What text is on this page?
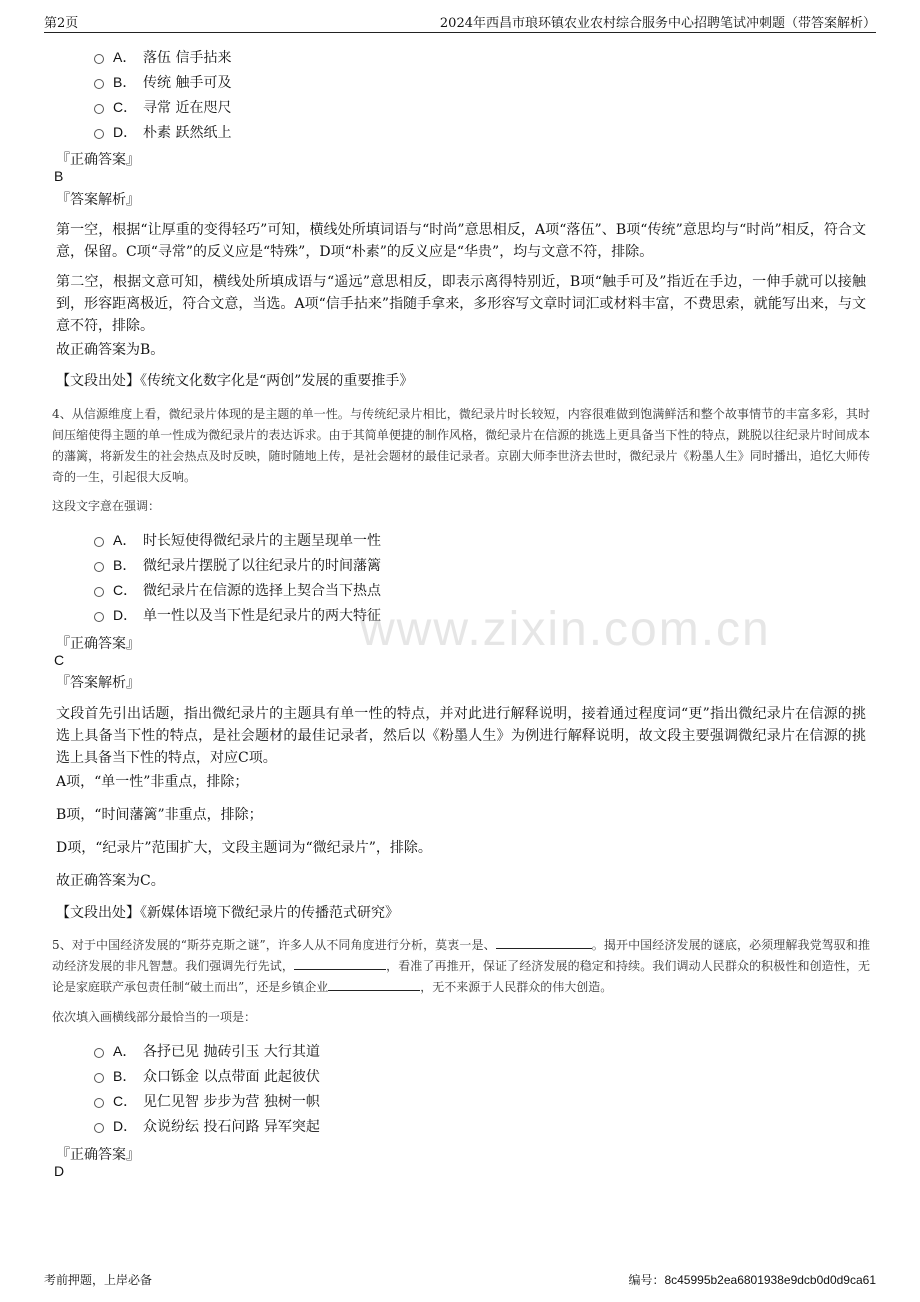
第2页	2024年西昌市琅环镇农业农村综合服务中心招聘笔试冲刺题（带答案解析）
www.zixin.com.cn
A． 落伍 信手拈来
B． 传统 触手可及
C． 寻常 近在咫尺
D． 朴素 跃然纸上
『正确答案』
B
『答案解析』
第一空，根据“让厚重的变得轻巧”可知，横线处所填词语与“时尚”意思相反，A项“落伍”、B项“传统”意思均与“时尚”相反，符合文意，保留。C项“寻常”的反义应是“特殊”，D项“朴素”的反义应是“华贵”，均与文意不符，排除。
第二空，根据文意可知，横线处所填成语与“遥远”意思相反，即表示离得特别近，B项“触手可及”指近在手边，一伸手就可以接触到，形容距离极近，符合文意，当选。A项“信手拈来”指随手拿来，多形容写文章时词汇或材料丰富，不费思索，就能写出来，与文意不符，排除。
故正确答案为B。
【文段出处】《传统文化数字化是“两创”发展的重要推手》
4、从信源维度上看，微纪录片体现的是主题的单一性。与传统纪录片相比，微纪录片时长较短，内容很难做到饱满鲜活和整个故事情节的丰富多彩，其时间压缩使得主题的单一性成为微纪录片的表达诉求。由于其简单便捷的制作风格，微纪录片在信源的挑选上更具备当下性的特点，跳脱以往纪录片时间成本的藩篱，将新发生的社会热点及时反映，随时随地上传，是社会题材的最佳记录者。京剧大师李世济去世时，微纪录片《粉墨人生》同时播出，追忆大师传奇的一生，引起很大反响。
这段文字意在强调：
A． 时长短使得微纪录片的主题呈现单一性
B． 微纪录片摆脱了以往纪录片的时间藩篱
C． 微纪录片在信源的选择上契合当下热点
D． 单一性以及当下性是纪录片的两大特征
『正确答案』
C
『答案解析』
文段首先引出话题，指出微纪录片的主题具有单一性的特点，并对此进行解释说明，接着通过程度词“更”指出微纪录片在信源的挑选上具备当下性的特点，是社会题材的最佳记录者，然后以《粉墨人生》为例进行解释说明，故文段主要强调微纪录片在信源的挑选上具备当下性的特点，对应C项。
A项，“单一性”非重点，排除；
B项，“时间藩篱”非重点，排除；
D项，“纪录片”范围扩大，文段主题词为“微纪录片”，排除。
故正确答案为C。
【文段出处】《新媒体语境下微纪录片的传播范式研究》
5、对于中国经济发展的“斯芬克斯之谜”，许多人从不同角度进行分析，莫衷一是、	。揭开中国经济发展的谜底，必须理解我党驾驭和推动经济发展的非凡智慧。我们强调先行先试，	，看准了再推开，保证了经济发展的稳定和持续。我们调动人民群众的积极性和创造性，无论是家庭联产承包责任制“破土而出”，还是乡镇企业	，无不来源于人民群众的伟大创造。
依次填入画横线部分最恰当的一项是：
A． 各抒已见 抛砖引玉 大行其道
B． 众口铄金 以点带面 此起彼伏
C． 见仁见智 步步为营 独树一帜
D． 众说纷纭 投石问路 异军突起
『正确答案』
D
考前押题，上岸必备	编号：8c45995b2ea6801938e9dcb0d0d9ca61
